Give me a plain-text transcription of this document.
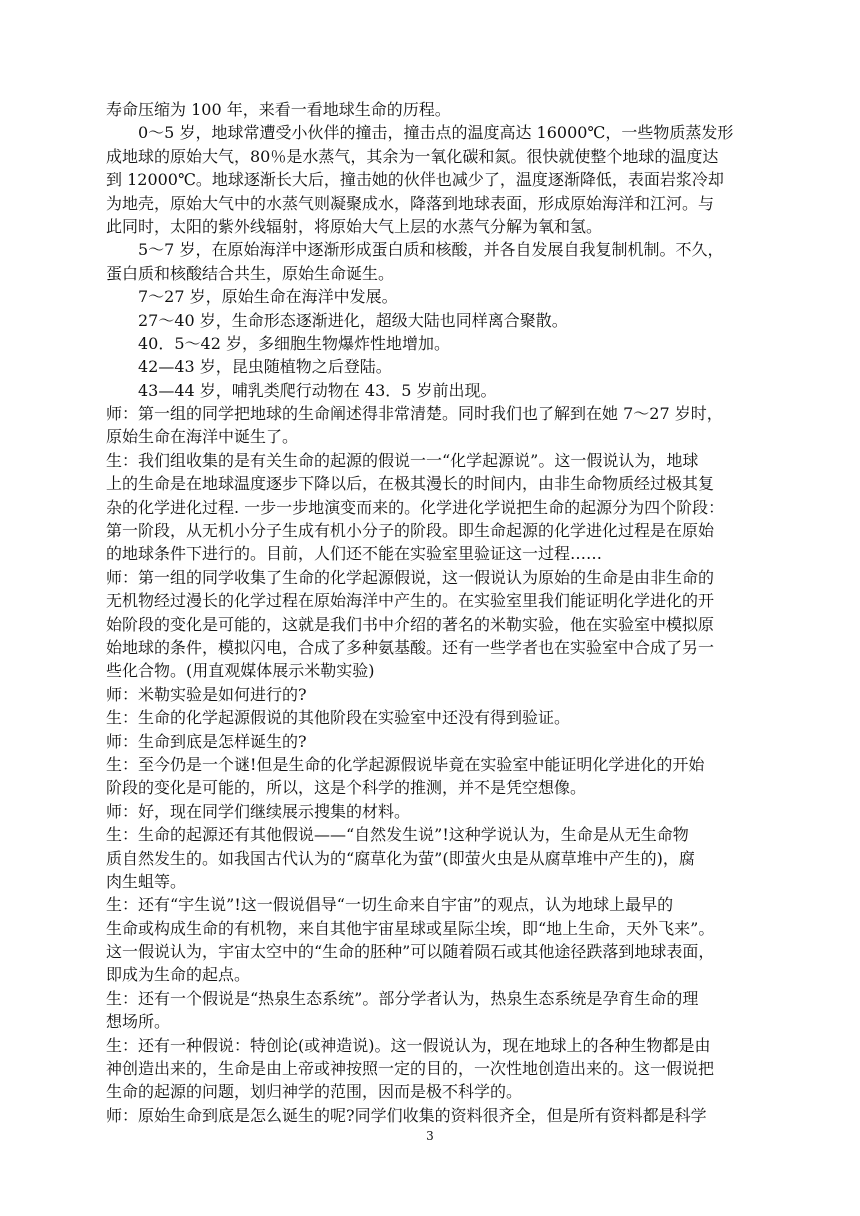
寿命压缩为 100 年，来看一看地球生命的历程。

0～5 岁，地球常遭受小伙伴的撞击，撞击点的温度高达 16000℃，一些物质蒸发形

成地球的原始大气，80％是水蒸气，其余为一氧化碳和氮。很快就使整个地球的温度达

到 12000℃。地球逐渐长大后，撞击她的伙伴也减少了，温度逐渐降低，表面岩浆冷却

为地壳，原始大气中的水蒸气则凝聚成水，降落到地球表面，形成原始海洋和江河。与

此同时，太阳的紫外线辐射，将原始大气上层的水蒸气分解为氧和氢。

5～7 岁，在原始海洋中逐渐形成蛋白质和核酸，并各自发展自我复制机制。不久，

蛋白质和核酸结合共生，原始生命诞生。

7～27 岁，原始生命在海洋中发展。

27～40 岁，生命形态逐渐进化，超级大陆也同样离合聚散。

40．5～42 岁，多细胞生物爆炸性地增加。

42—43 岁，昆虫随植物之后登陆。

43—44 岁，哺乳类爬行动物在 43．5 岁前出现。

师：第一组的同学把地球的生命阐述得非常清楚。同时我们也了解到在她 7～27 岁时，

原始生命在海洋中诞生了。

生：我们组收集的是有关生命的起源的假说一一“化学起源说”。这一假说认为，地球

上的生命是在地球温度逐步下降以后，在极其漫长的时间内，由非生命物质经过极其复

杂的化学进化过程. 一步一步地演变而来的。化学进化学说把生命的起源分为四个阶段：

第一阶段，从无机小分子生成有机小分子的阶段。即生命起源的化学进化过程是在原始

的地球条件下进行的。目前，人们还不能在实验室里验证这一过程……

师：第一组的同学收集了生命的化学起源假说，这一假说认为原始的生命是由非生命的

无机物经过漫长的化学过程在原始海洋中产生的。在实验室里我们能证明化学进化的开

始阶段的变化是可能的，这就是我们书中介绍的著名的米勒实验，他在实验室中模拟原

始地球的条件，模拟闪电，合成了多种氨基酸。还有一些学者也在实验室中合成了另一

些化合物。(用直观媒体展示米勒实验)

师：米勒实验是如何进行的?

生：生命的化学起源假说的其他阶段在实验室中还没有得到验证。

师：生命到底是怎样诞生的?

生：至今仍是一个谜!但是生命的化学起源假说毕竟在实验室中能证明化学进化的开始

阶段的变化是可能的，所以，这是个科学的推测，并不是凭空想像。

师：好，现在同学们继续展示搜集的材料。

生：生命的起源还有其他假说——“自然发生说”!这种学说认为，生命是从无生命物

质自然发生的。如我国古代认为的“腐草化为萤”(即萤火虫是从腐草堆中产生的)，腐

肉生蛆等。

生：还有“宇生说”!这一假说倡导“一切生命来自宇宙”的观点，认为地球上最早的

生命或构成生命的有机物，来自其他宇宙星球或星际尘埃，即“地上生命，天外飞来”。

这一假说认为，宇宙太空中的“生命的胚种”可以随着陨石或其他途径跌落到地球表面，

即成为生命的起点。

生：还有一个假说是“热泉生态系统”。部分学者认为，热泉生态系统是孕育生命的理

想场所。

生：还有一种假说：特创论(或神造说)。这一假说认为，现在地球上的各种生物都是由

神创造出来的，生命是由上帝或神按照一定的目的，一次性地创造出来的。这一假说把

生命的起源的问题，划归神学的范围，因而是极不科学的。

师：原始生命到底是怎么诞生的呢?同学们收集的资料很齐全，但是所有资料都是科学

3
